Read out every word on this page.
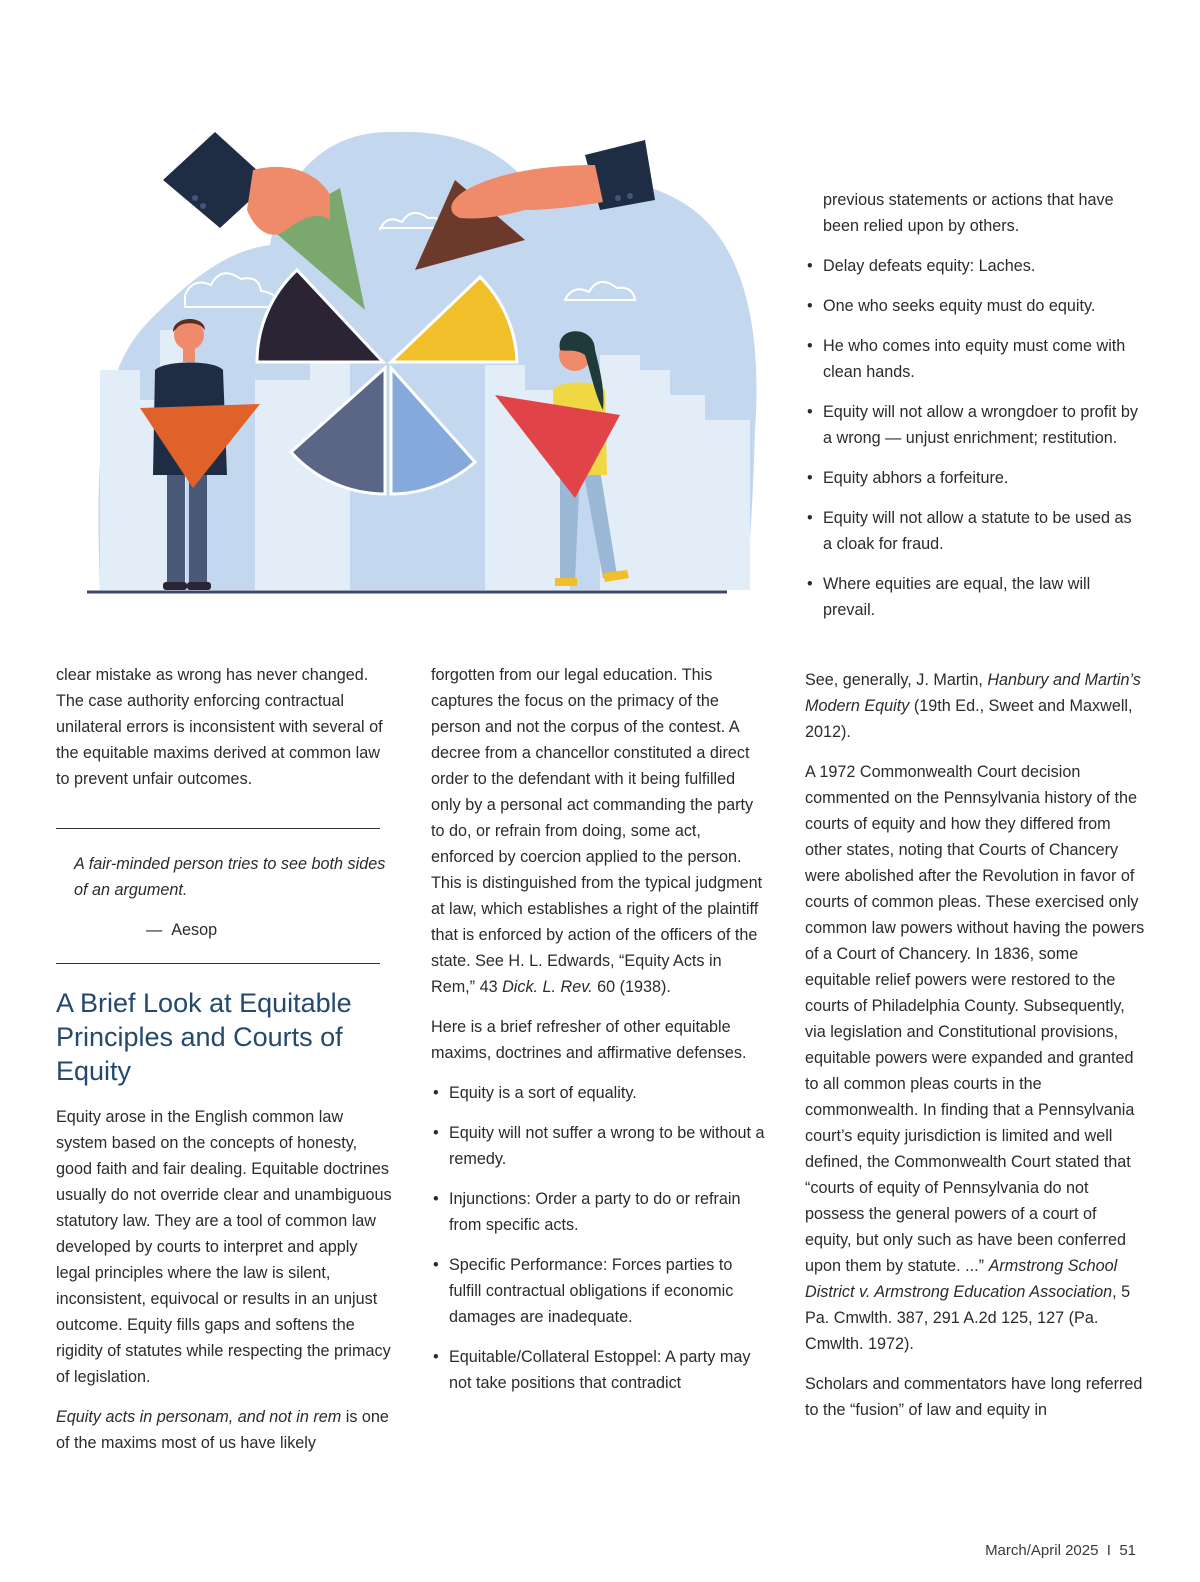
previous statements or actions that have been relied upon by others.
• Delay defeats equity: Laches.
• One who seeks equity must do equity.
• He who comes into equity must come with clean hands.
• Equity will not allow a wrongdoer to profit by a wrong — unjust enrichment; restitution.
• Equity abhors a forfeiture.
• Equity will not allow a statute to be used as a cloak for fraud.
• Where equities are equal, the law will prevail.

clear mistake as wrong has never changed. The case authority enforcing contractual unilateral errors is inconsistent with several of the equitable maxims derived at common law to prevent unfair outcomes.

A fair-minded person tries to see both sides of an argument.
— Aesop
A Brief Look at Equitable Principles and Courts of Equity

Equity arose in the English common law system based on the concepts of honesty, good faith and fair dealing. Equitable doctrines usually do not override clear and unambiguous statutory law. They are a tool of common law developed by courts to interpret and apply legal principles where the law is silent, inconsistent, equivocal or results in an unjust outcome. Equity fills gaps and softens the rigidity of statutes while respecting the primacy of legislation.

Equity acts in personam, and not in rem is one of the maxims most of us have likely

forgotten from our legal education. This captures the focus on the primacy of the person and not the corpus of the contest. A decree from a chancellor constituted a direct order to the defendant with it being fulfilled only by a personal act commanding the party to do, or refrain from doing, some act, enforced by coercion applied to the person. This is distinguished from the typical judgment at law, which establishes a right of the plaintiff that is enforced by action of the officers of the state. See H. L. Edwards, “Equity Acts in Rem,” 43 Dick. L. Rev. 60 (1938).

Here is a brief refresher of other equitable maxims, doctrines and affirmative defenses.

• Equity is a sort of equality.
• Equity will not suffer a wrong to be without a remedy.
• Injunctions: Order a party to do or refrain from specific acts.
• Specific Performance: Forces parties to fulfill contractual obligations if economic damages are inadequate.
• Equitable/Collateral Estoppel: A party may not take positions that contradict

See, generally, J. Martin, Hanbury and Martin’s Modern Equity (19th Ed., Sweet and Maxwell, 2012).

A 1972 Commonwealth Court decision commented on the Pennsylvania history of the courts of equity and how they differed from other states, noting that Courts of Chancery were abolished after the Revolution in favor of courts of common pleas. These exercised only common law powers without having the powers of a Court of Chancery. In 1836, some equitable relief powers were restored to the courts of Philadelphia County. Subsequently, via legislation and Constitutional provisions, equitable powers were expanded and granted to all common pleas courts in the commonwealth. In finding that a Pennsylvania court’s equity jurisdiction is limited and well defined, the Commonwealth Court stated that “courts of equity of Pennsylvania do not possess the general powers of a court of equity, but only such as have been conferred upon them by statute. ...” Armstrong School District v. Armstrong Education Association, 5 Pa. Cmwlth. 387, 291 A.2d 125, 127 (Pa. Cmwlth. 1972).

Scholars and commentators have long referred to the “fusion” of law and equity in

March/April 2025 I 51
